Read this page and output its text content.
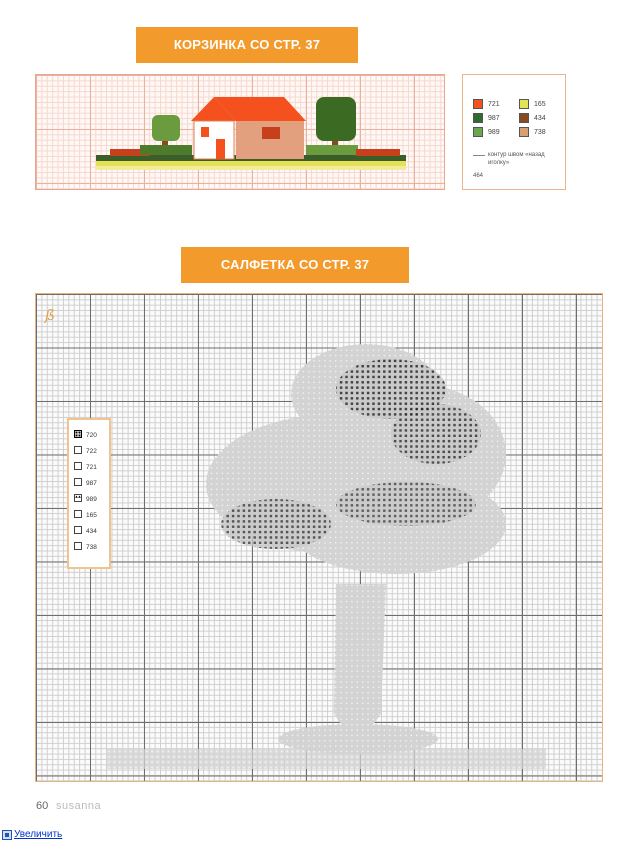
КОРЗИНКА СО СТР. 37
721	165
987	434
989	738
контур швом «назад иголку»
464
САЛФЕТКА СО СТР. 37
ß
720
722
721
987
989
165
434
738
60 susanna
Увеличить
